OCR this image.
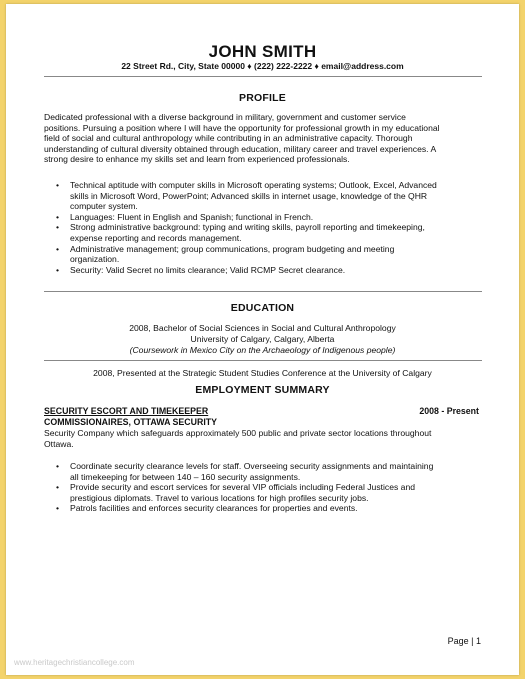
JOHN SMITH
22 Street Rd., City, State 00000 ♦ (222) 222-2222 ♦ email@address.com
PROFILE
Dedicated professional with a diverse background in military, government and customer service
positions. Pursuing a position where I will have the opportunity for professional growth in my educational
field of social and cultural anthropology while contributing in an administrative capacity. Thorough
understanding of cultural diversity obtained through education, military career and travel experiences. A
strong desire to enhance my skills set and learn from experienced professionals.
• Technical aptitude with computer skills in Microsoft operating systems; Outlook, Excel, Advanced
skills in Microsoft Word, PowerPoint; Advanced skills in internet usage, knowledge of the QHR
computer system.
• Languages: Fluent in English and Spanish; functional in French.
• Strong administrative background: typing and writing skills, payroll reporting and timekeeping,
expense reporting and records management.
• Administrative management; group communications, program budgeting and meeting
organization.
• Security: Valid Secret no limits clearance; Valid RCMP Secret clearance.
EDUCATION
2008, Bachelor of Social Sciences in Social and Cultural Anthropology
University of Calgary, Calgary, Alberta
(Coursework in Mexico City on the Archaeology of Indigenous people)
2008, Presented at the Strategic Student Studies Conference at the University of Calgary
EMPLOYMENT SUMMARY
SECURITY ESCORT AND TIMEKEEPER	2008 - Present
COMMISSIONAIRES, OTTAWA SECURITY
Security Company which safeguards approximately 500 public and private sector locations throughout
Ottawa.
• Coordinate security clearance levels for staff. Overseeing security assignments and maintaining
all timekeeping for between 140 – 160 security assignments.
• Provide security and escort services for several VIP officials including Federal Justices and
prestigious diplomats. Travel to various locations for high profiles security jobs.
• Patrols facilities and enforces security clearances for properties and events.
Page | 1
www.heritagechristiancollege.com
